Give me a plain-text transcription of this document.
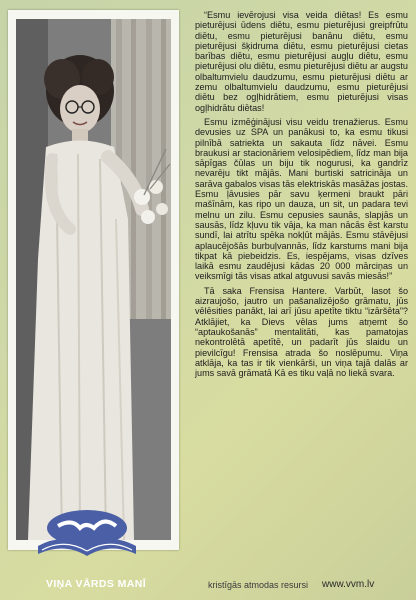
“Esmu ievērojusi visa veida diētas! Es esmu pieturējusi ūdens diētu, esmu pieturējusi greipfrūtu diētu, esmu pieturējusi banānu diētu, esmu pieturējusi šķidruma diētu, esmu pieturējusi cietas barības diētu, esmu pieturējusi augļu diētu, esmu pieturējusi olu diētu, esmu pieturējusi diētu ar augstu olbaltumvielu daudzumu, esmu pieturējusi diētu ar zemu olbaltumvielu daudzumu, esmu pieturējusi diētu bez ogļhidrātiem, esmu pieturējusi visas ogļhidrātu diētas!

Esmu izmēģinājusi visu veidu trenažierus. Esmu devusies uz SPA un panākusi to, ka esmu tikusi pilnībā satriekta un sakauta līdz nāvei. Esmu braukusi ar stacionāriem velosipēdiem, līdz man bija sāpīgas čūlas un biju tik nogurusi, ka gandrīz nevarēju tikt mājās. Mani burtiski satricināja un sarāva gabalos visas tās elektriskās masāžas jostas. Esmu ļāvusies pār savu ķermeni braukt pāri mašīnām, kas ripo un dauza, un sit, un padara tevi melnu un zilu. Esmu cepusies saunās, slapjās un sausās, līdz kļuvu tik vāja, ka man nācās ēst karstu sundī, lai atrītu spēka nokļūt mājās. Esmu stāvējusi aplaucējošās burbuļvannās, līdz karstums mani bija tikpat kā piebeidzis. Es, iespējams, visas dzīves laikā esmu zaudējusi kādas 20 000 mārciņas un veiksmīgi tās visas atkal atguvusi savās miesās!”

Tā saka Frensisa Hantere. Varbūt, lasot šo aizraujošo, jautro un pašanalizējošo grāmatu, jūs vēlēsities panākt, lai arī jūsu apetīte tiktu “izāršēta”? Atklājiet, ka Dievs vēlas jums atņemt šo “aptaukošanās” mentalitāti, kas pamatojas nekontrolētā apetītē, un padarīt jūs slaidu un pievilcīgu! Frensisa atrada šo noslēpumu. Viņa atklāja, ka tas ir tik vienkārši, un viņa tajā dalās ar jums savā grāmatā Kā es tiku vaļā no liekā svara.

VIŅA VĀRDS MANĪ	kristīgās atmodas resursi www.vvm.lv
